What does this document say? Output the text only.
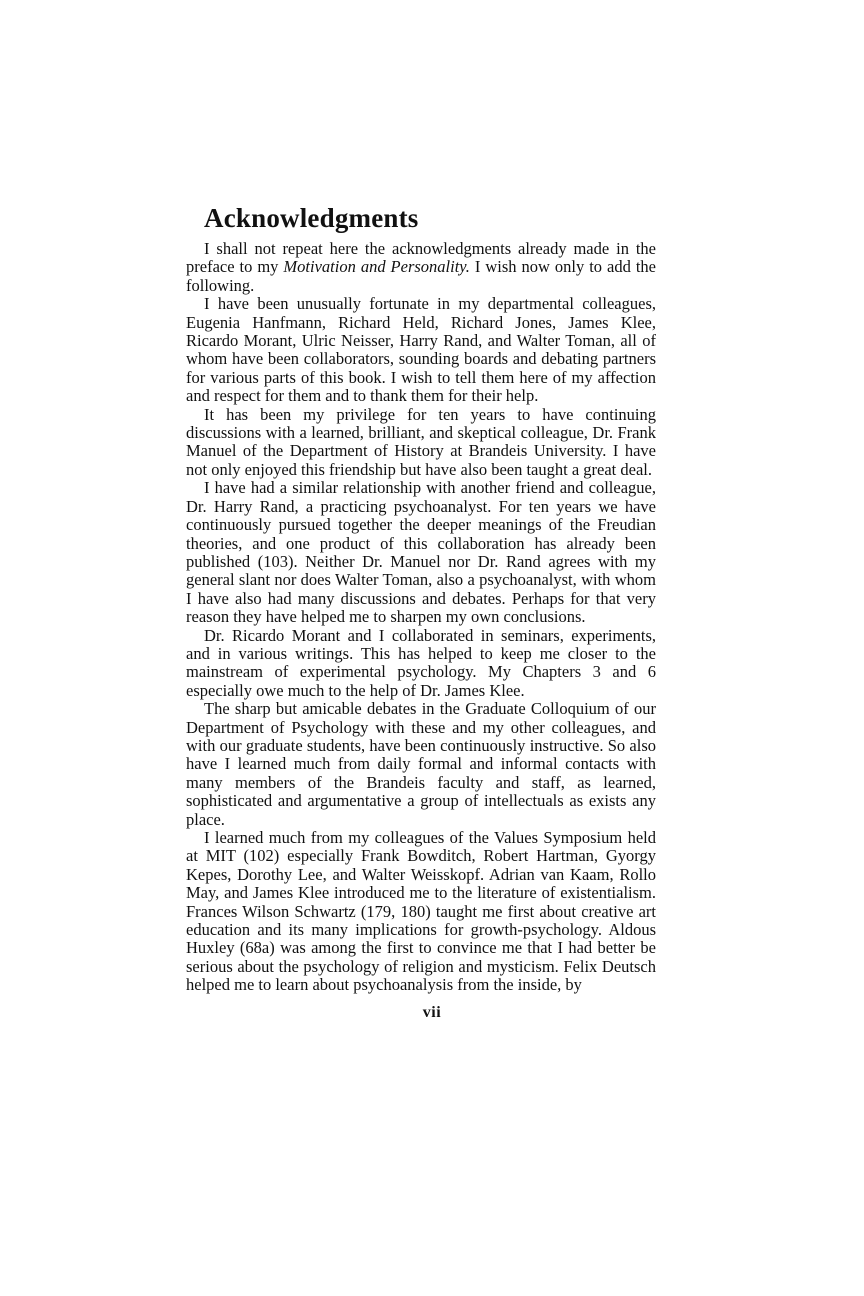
Acknowledgments

I shall not repeat here the acknowledgments already made in the preface to my Motivation and Personality. I wish now only to add the following.

I have been unusually fortunate in my departmental colleagues, Eugenia Hanfmann, Richard Held, Richard Jones, James Klee, Ricardo Morant, Ulric Neisser, Harry Rand, and Walter Toman, all of whom have been collaborators, sounding boards and debating partners for various parts of this book. I wish to tell them here of my affection and respect for them and to thank them for their help.

It has been my privilege for ten years to have continuing discussions with a learned, brilliant, and skeptical colleague, Dr. Frank Manuel of the Department of History at Brandeis University. I have not only enjoyed this friendship but have also been taught a great deal.

I have had a similar relationship with another friend and colleague, Dr. Harry Rand, a practicing psychoanalyst. For ten years we have continuously pursued together the deeper meanings of the Freudian theories, and one product of this collaboration has already been published (103). Neither Dr. Manuel nor Dr. Rand agrees with my general slant nor does Walter Toman, also a psychoanalyst, with whom I have also had many discussions and debates. Perhaps for that very reason they have helped me to sharpen my own conclusions.

Dr. Ricardo Morant and I collaborated in seminars, experiments, and in various writings. This has helped to keep me closer to the mainstream of experimental psychology. My Chapters 3 and 6 especially owe much to the help of Dr. James Klee.

The sharp but amicable debates in the Graduate Colloquium of our Department of Psychology with these and my other colleagues, and with our graduate students, have been continuously instructive. So also have I learned much from daily formal and informal contacts with many members of the Brandeis faculty and staff, as learned, sophisticated and argumentative a group of intellectuals as exists any place.

I learned much from my colleagues of the Values Symposium held at MIT (102) especially Frank Bowditch, Robert Hartman, Gyorgy Kepes, Dorothy Lee, and Walter Weisskopf. Adrian van Kaam, Rollo May, and James Klee introduced me to the literature of existentialism. Frances Wilson Schwartz (179, 180) taught me first about creative art education and its many implications for growth-psychology. Aldous Huxley (68a) was among the first to convince me that I had better be serious about the psychology of religion and mysticism. Felix Deutsch helped me to learn about psychoanalysis from the inside, by

vii
